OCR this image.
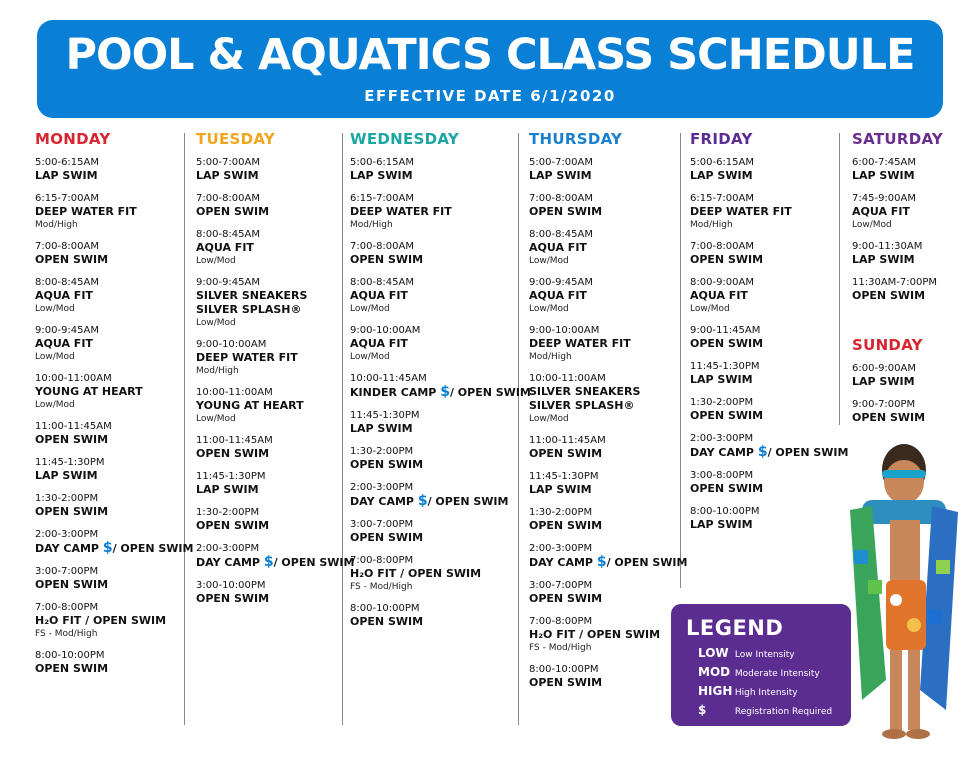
POOL & AQUATICS CLASS SCHEDULE
EFFECTIVE DATE 6/1/2020
MONDAY
5:00-6:15AM
LAP SWIM
6:15-7:00AM
DEEP WATER FIT
Mod/High
7:00-8:00AM
OPEN SWIM
8:00-8:45AM
AQUA FIT
Low/Mod
9:00-9:45AM
AQUA FIT
Low/Mod
10:00-11:00AM
YOUNG AT HEART
Low/Mod
11:00-11:45AM
OPEN SWIM
11:45-1:30PM
LAP SWIM
1:30-2:00PM
OPEN SWIM
2:00-3:00PM
DAY CAMP $/ OPEN SWIM
3:00-7:00PM
OPEN SWIM
7:00-8:00PM
H₂O FIT / OPEN SWIM
FS - Mod/High
8:00-10:00PM
OPEN SWIM
TUESDAY
5:00-7:00AM
LAP SWIM
7:00-8:00AM
OPEN SWIM
8:00-8:45AM
AQUA FIT
Low/Mod
9:00-9:45AM
SILVER SNEAKERS
SILVER SPLASH®
Low/Mod
9:00-10:00AM
DEEP WATER FIT
Mod/High
10:00-11:00AM
YOUNG AT HEART
Low/Mod
11:00-11:45AM
OPEN SWIM
11:45-1:30PM
LAP SWIM
1:30-2:00PM
OPEN SWIM
2:00-3:00PM
DAY CAMP $/ OPEN SWIM
3:00-10:00PM
OPEN SWIM
WEDNESDAY
5:00-6:15AM
LAP SWIM
6:15-7:00AM
DEEP WATER FIT
Mod/High
7:00-8:00AM
OPEN SWIM
8:00-8:45AM
AQUA FIT
Low/Mod
9:00-10:00AM
AQUA FIT
Low/Mod
10:00-11:45AM
KINDER CAMP $/ OPEN SWIM
11:45-1:30PM
LAP SWIM
1:30-2:00PM
OPEN SWIM
2:00-3:00PM
DAY CAMP $/ OPEN SWIM
3:00-7:00PM
OPEN SWIM
7:00-8:00PM
H₂O FIT / OPEN SWIM
FS - Mod/High
8:00-10:00PM
OPEN SWIM
THURSDAY
5:00-7:00AM
LAP SWIM
7:00-8:00AM
OPEN SWIM
8:00-8:45AM
AQUA FIT
Low/Mod
9:00-9:45AM
AQUA FIT
Low/Mod
9:00-10:00AM
DEEP WATER FIT
Mod/High
10:00-11:00AM
SILVER SNEAKERS
SILVER SPLASH®
Low/Mod
11:00-11:45AM
OPEN SWIM
11:45-1:30PM
LAP SWIM
1:30-2:00PM
OPEN SWIM
2:00-3:00PM
DAY CAMP $/ OPEN SWIM
3:00-7:00PM
OPEN SWIM
7:00-8:00PM
H₂O FIT / OPEN SWIM
FS - Mod/High
8:00-10:00PM
OPEN SWIM
FRIDAY
5:00-6:15AM
LAP SWIM
6:15-7:00AM
DEEP WATER FIT
Mod/High
7:00-8:00AM
OPEN SWIM
8:00-9:00AM
AQUA FIT
Low/Mod
9:00-11:45AM
OPEN SWIM
11:45-1:30PM
LAP SWIM
1:30-2:00PM
OPEN SWIM
2:00-3:00PM
DAY CAMP $/ OPEN SWIM
3:00-8:00PM
OPEN SWIM
8:00-10:00PM
LAP SWIM
SATURDAY
6:00-7:45AM
LAP SWIM
7:45-9:00AM
AQUA FIT
Low/Mod
9:00-11:30AM
LAP SWIM
11:30AM-7:00PM
OPEN SWIM
SUNDAY
6:00-9:00AM
LAP SWIM
9:00-7:00PM
OPEN SWIM
LEGEND
LOW Low Intensity
MOD Moderate Intensity
HIGH High Intensity
$	Registration Required
